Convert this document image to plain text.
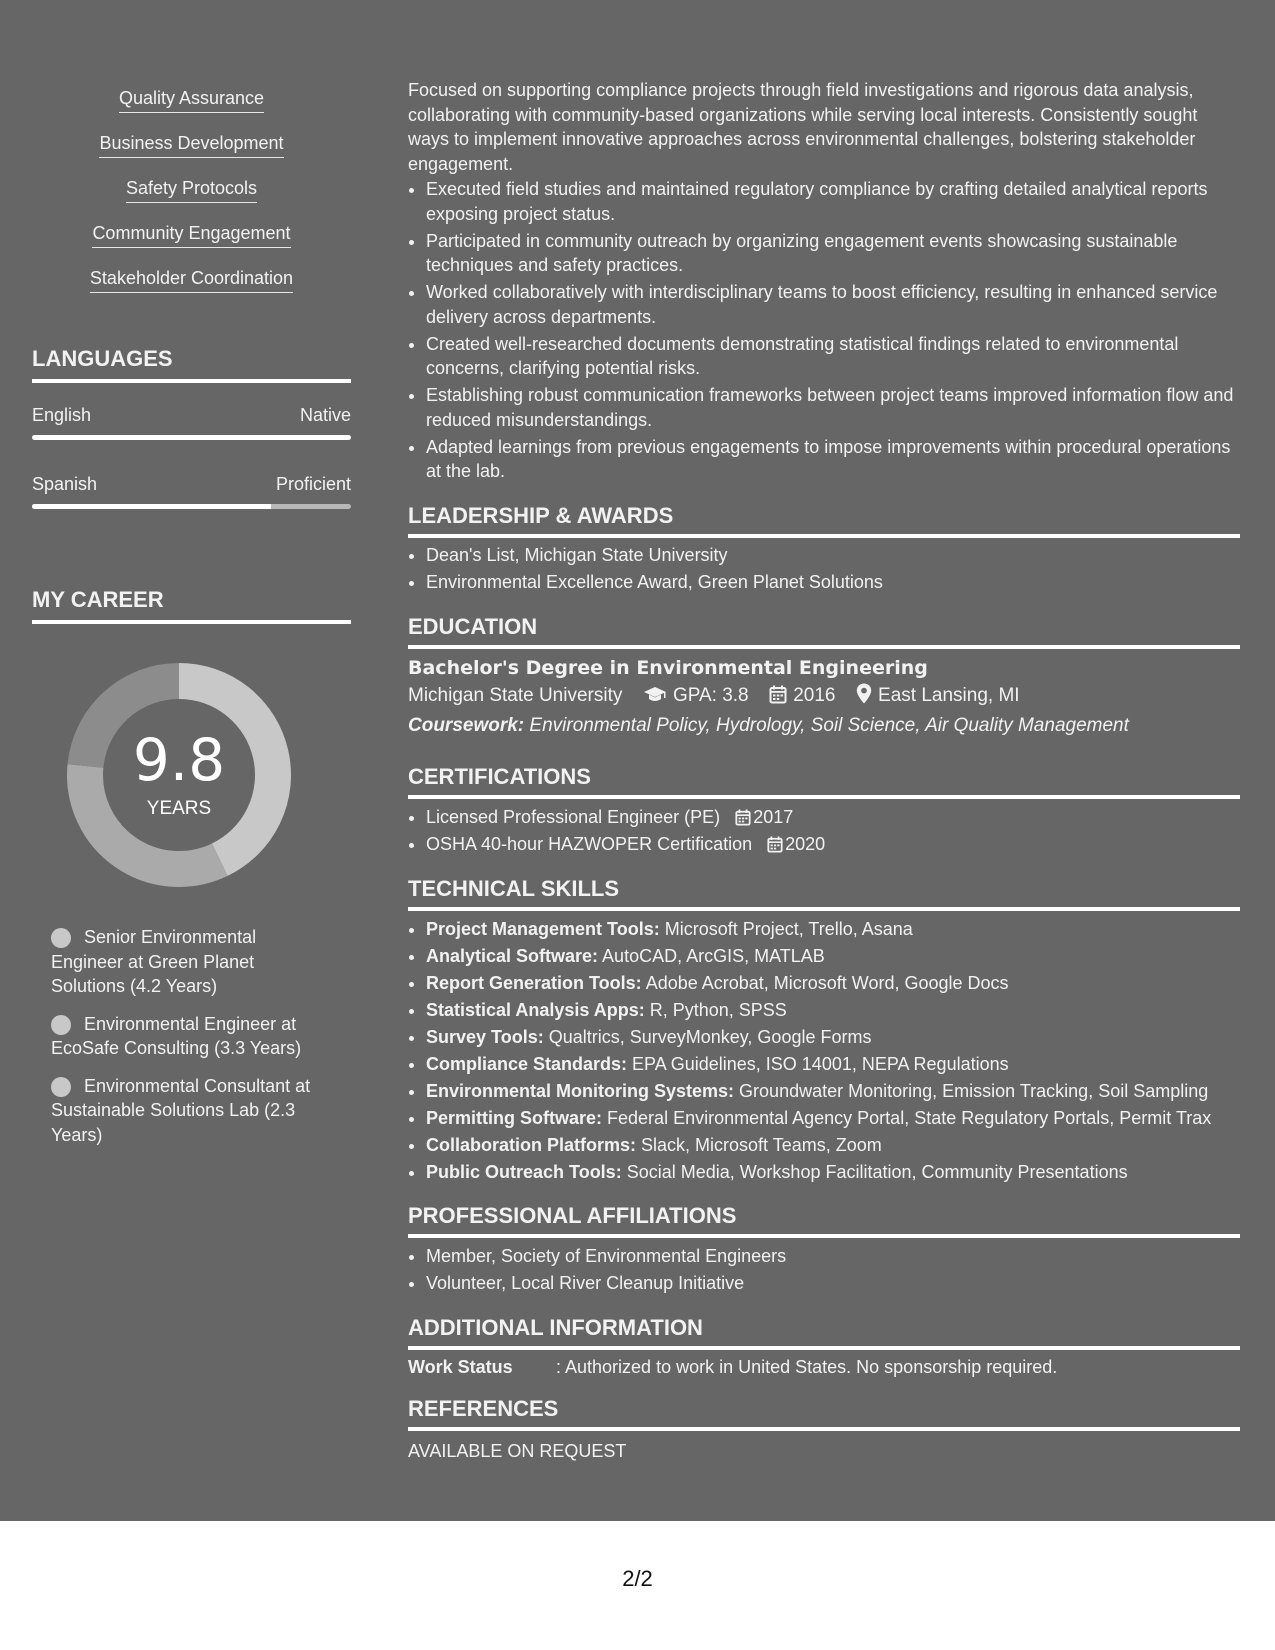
Quality Assurance
Business Development
Safety Protocols
Community Engagement
Stakeholder Coordination
LANGUAGES
English	Native
Spanish	Proficient
MY CAREER
9.8
YEARS
Senior Environmental Engineer at Green Planet Solutions (4.2 Years)
Environmental Engineer at EcoSafe Consulting (3.3 Years)
Environmental Consultant at Sustainable Solutions Lab (2.3 Years)

Focused on supporting compliance projects through field investigations and rigorous data analysis, collaborating with community-based organizations while serving local interests. Consistently sought ways to implement innovative approaches across environmental challenges, bolstering stakeholder engagement.

• Executed field studies and maintained regulatory compliance by crafting detailed analytical reports exposing project status.
• Participated in community outreach by organizing engagement events showcasing sustainable techniques and safety practices.
• Worked collaboratively with interdisciplinary teams to boost efficiency, resulting in enhanced service delivery across departments.
• Created well-researched documents demonstrating statistical findings related to environmental concerns, clarifying potential risks.
• Establishing robust communication frameworks between project teams improved information flow and reduced misunderstandings.
• Adapted learnings from previous engagements to impose improvements within procedural operations at the lab.
LEADERSHIP & AWARDS
• Dean's List, Michigan State University
• Environmental Excellence Award, Green Planet Solutions
EDUCATION
Bachelor's Degree in Environmental Engineering
Michigan State University	GPA: 3.8 2016 East Lansing, MI
Coursework: Environmental Policy, Hydrology, Soil Science, Air Quality Management
CERTIFICATIONS
• Licensed Professional Engineer (PE) 2017
• OSHA 40-hour HAZWOPER Certification 2020
TECHNICAL SKILLS
• Project Management Tools: Microsoft Project, Trello, Asana
• Analytical Software: AutoCAD, ArcGIS, MATLAB
• Report Generation Tools: Adobe Acrobat, Microsoft Word, Google Docs
• Statistical Analysis Apps: R, Python, SPSS
• Survey Tools: Qualtrics, SurveyMonkey, Google Forms
• Compliance Standards: EPA Guidelines, ISO 14001, NEPA Regulations
• Environmental Monitoring Systems: Groundwater Monitoring, Emission Tracking, Soil Sampling
• Permitting Software: Federal Environmental Agency Portal, State Regulatory Portals, Permit Trax
• Collaboration Platforms: Slack, Microsoft Teams, Zoom
• Public Outreach Tools: Social Media, Workshop Facilitation, Community Presentations
PROFESSIONAL AFFILIATIONS
• Member, Society of Environmental Engineers
• Volunteer, Local River Cleanup Initiative
ADDITIONAL INFORMATION
Work Status : Authorized to work in United States. No sponsorship required.
REFERENCES
AVAILABLE ON REQUEST
2/2
